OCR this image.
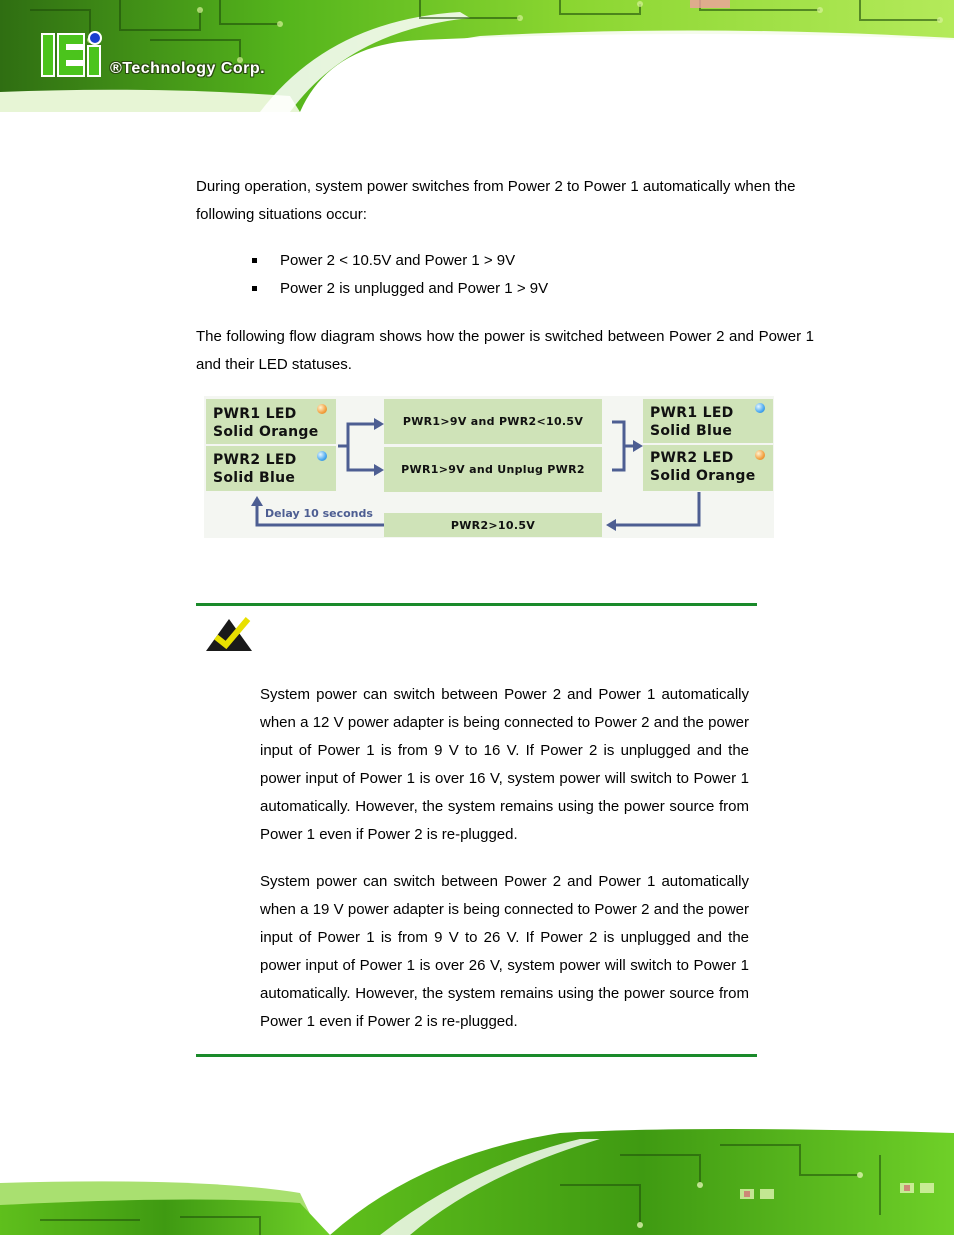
®Technology Corp.

During operation, system power switches from Power 2 to Power 1 automatically when the following situations occur:

Power 2 < 10.5V and Power 1 > 9V
Power 2 is unplugged and Power 1 > 9V

The following flow diagram shows how the power is switched between Power 2 and Power 1 and their LED statuses.

PWR1 LED
Solid Orange
PWR2 LED
Solid Blue
PWR1>9V and PWR2<10.5V
PWR1>9V and Unplug PWR2
PWR1 LED
Solid Blue
PWR2 LED
Solid Orange
PWR2>10.5V
Delay 10 seconds

System power can switch between Power 2 and Power 1 automatically when a 12 V power adapter is being connected to Power 2 and the power input of Power 1 is from 9 V to 16 V. If Power 2 is unplugged and the power input of Power 1 is over 16 V, system power will switch to Power 1 automatically. However, the system remains using the power source from Power 1 even if Power 2 is re-plugged.

System power can switch between Power 2 and Power 1 automatically when a 19 V power adapter is being connected to Power 2 and the power input of Power 1 is from 9 V to 26 V. If Power 2 is unplugged and the power input of Power 1 is over 26 V, system power will switch to Power 1 automatically. However, the system remains using the power source from Power 1 even if Power 2 is re-plugged.
